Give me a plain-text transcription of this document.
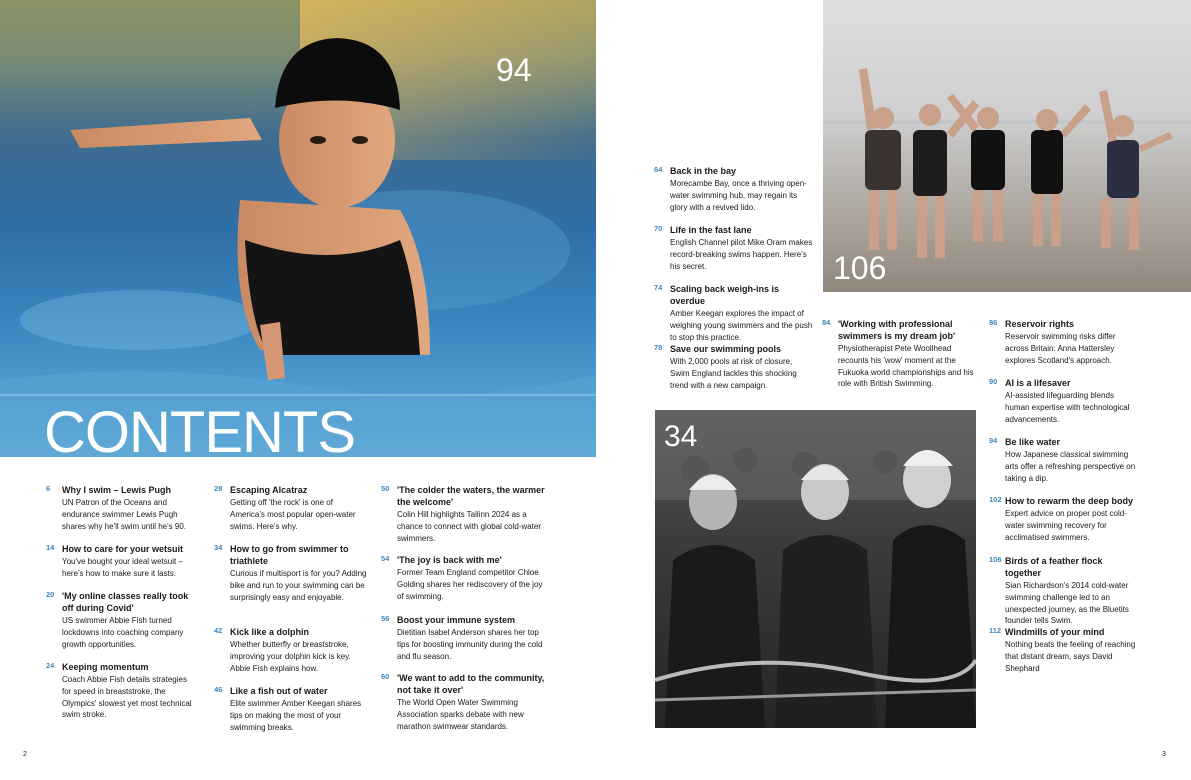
94
CONTENTS
106
34
6	Why I swim – Lewis Pugh
UN Patron of the Oceans and endurance swimmer Lewis Pugh shares why he'll swim until he's 90.
14 How to care for your wetsuit
You've bought your ideal wetsuit – here's how to make sure it lasts.
20 'My online classes really took off during Covid'
US swimmer Abbie Fish turned lockdowns into coaching company growth opportunities.
24 Keeping momentum
Coach Abbie Fish details strategies for speed in breaststroke, the Olympics' slowest yet most technical swim stroke.
28 Escaping Alcatraz
Getting off 'the rock' is one of America's most popular open-water swims. Here's why.
34 How to go from swimmer to triathlete
Curious if multisport is for you? Adding bike and run to your swimming can be surprisingly easy and enjoyable.
42 Kick like a dolphin
Whether butterfly or breaststroke, improving your dolphin kick is key. Abbie Fish explains how.
46 Like a fish out of water
Elite swimmer Amber Keegan shares tips on making the most of your swimming breaks.
50 'The colder the waters, the warmer the welcome'
Colin Hill highlights Tallinn 2024 as a chance to connect with global cold-water swimmers.
54 'The joy is back with me'
Former Team England competitor Chloe Golding shares her rediscovery of the joy of swimming.
56 Boost your immune system
Dietitian Isabel Anderson shares her top tips for boosting immunity during the cold and flu season.
60 'We want to add to the community, not take it over'
The World Open Water Swimming Association sparks debate with new marathon swimwear standards.
64 Back in the bay
Morecambe Bay, once a thriving open-water swimming hub, may regain its glory with a revived lido.
70 Life in the fast lane
English Channel pilot Mike Oram makes record-breaking swims happen. Here's his secret.
74 Scaling back weigh-ins is overdue
Amber Keegan explores the impact of weighing young swimmers and the push to stop this practice.
78 Save our swimming pools
With 2,000 pools at risk of closure, Swim England tackles this shocking trend with a new campaign.
84 'Working with professional swimmers is my dream job'
Physiotherapist Pete Woollhead recounts his 'wow' moment at the Fukuoka world championships and his role with British Swimming.
86 Reservoir rights
Reservoir swimming risks differ across Britain: Anna Hattersley explores Scotland's approach.
90 AI is a lifesaver
AI-assisted lifeguarding blends human expertise with technological advancements.
94 Be like water
How Japanese classical swimming arts offer a refreshing perspective on taking a dip.
102 How to rewarm the deep body
Expert advice on proper post cold-water swimming recovery for acclimatised swimmers.
106 Birds of a feather flock together
Sian Richardson's 2014 cold-water swimming challenge led to an unexpected journey, as the Bluetits founder tells Swim.
112 Windmills of your mind
Nothing beats the feeling of reaching that distant dream, says David Shephard
2	3
